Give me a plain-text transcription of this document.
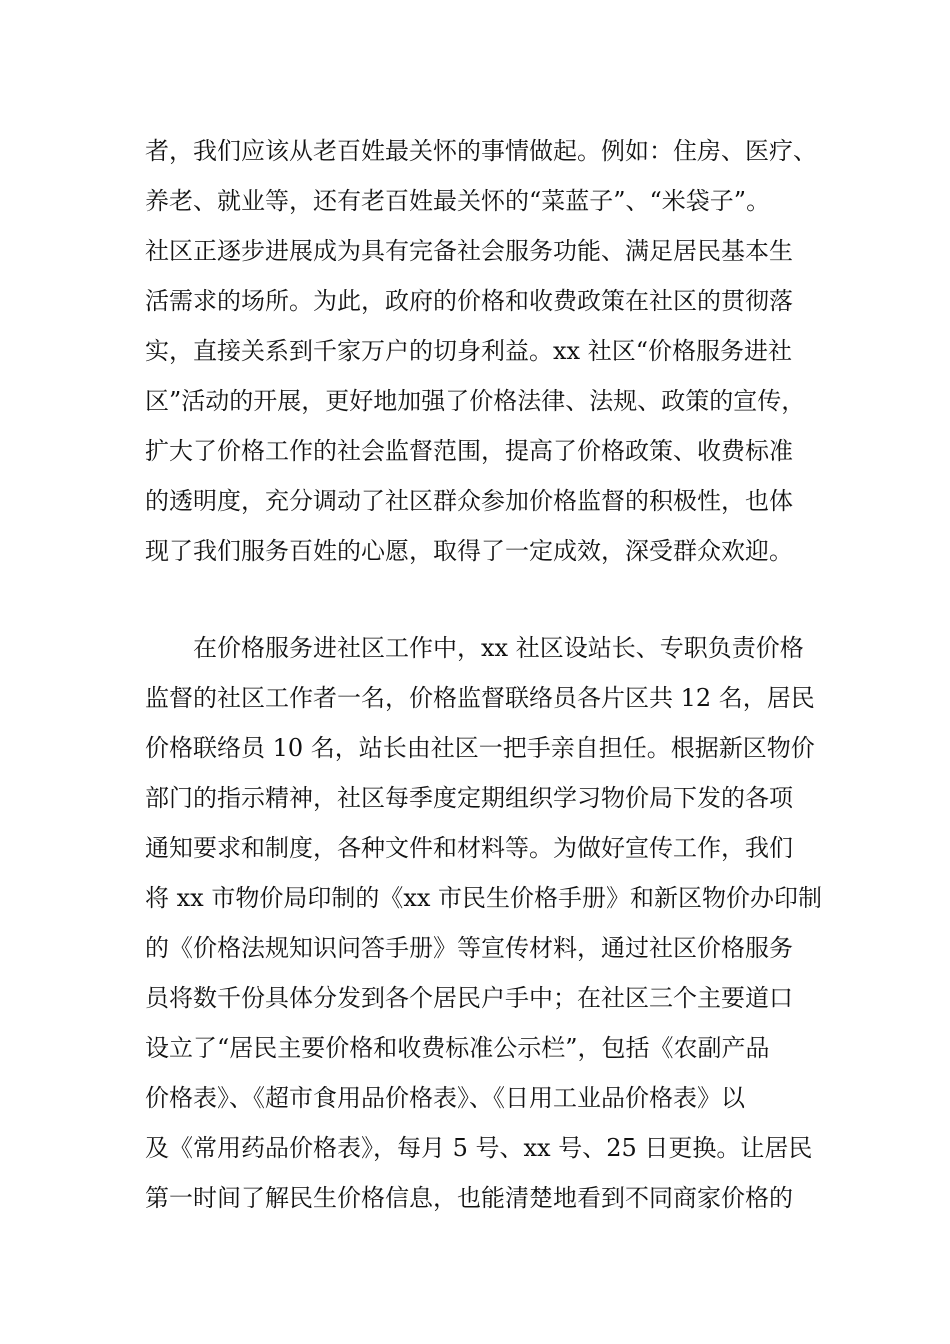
者，我们应该从老百姓最关怀的事情做起。例如：住房、医疗、
养老、就业等，还有老百姓最关怀的“菜蓝子”、“米袋子”。
社区正逐步进展成为具有完备社会服务功能、满足居民基本生
活需求的场所。为此，政府的价格和收费政策在社区的贯彻落
实，直接关系到千家万户的切身利益。xx 社区“价格服务进社
区”活动的开展，更好地加强了价格法律、法规、政策的宣传，
扩大了价格工作的社会监督范围，提高了价格政策、收费标准
的透明度，充分调动了社区群众参加价格监督的积极性，也体
现了我们服务百姓的心愿，取得了一定成效，深受群众欢迎。
在价格服务进社区工作中，xx 社区设站长、专职负责价格
监督的社区工作者一名，价格监督联络员各片区共 12 名，居民
价格联络员 10 名，站长由社区一把手亲自担任。根据新区物价
部门的指示精神，社区每季度定期组织学习物价局下发的各项
通知要求和制度，各种文件和材料等。为做好宣传工作，我们
将 xx 市物价局印制的《xx 市民生价格手册》和新区物价办印制
的《价格法规知识问答手册》等宣传材料，通过社区价格服务
员将数千份具体分发到各个居民户手中；在社区三个主要道口
设立了“居民主要价格和收费标准公示栏”，包括《农副产品
价格表》、《超市食用品价格表》、《日用工业品价格表》以
及《常用药品价格表》，每月 5 号、xx 号、25 日更换。让居民
第一时间了解民生价格信息，也能清楚地看到不同商家价格的
